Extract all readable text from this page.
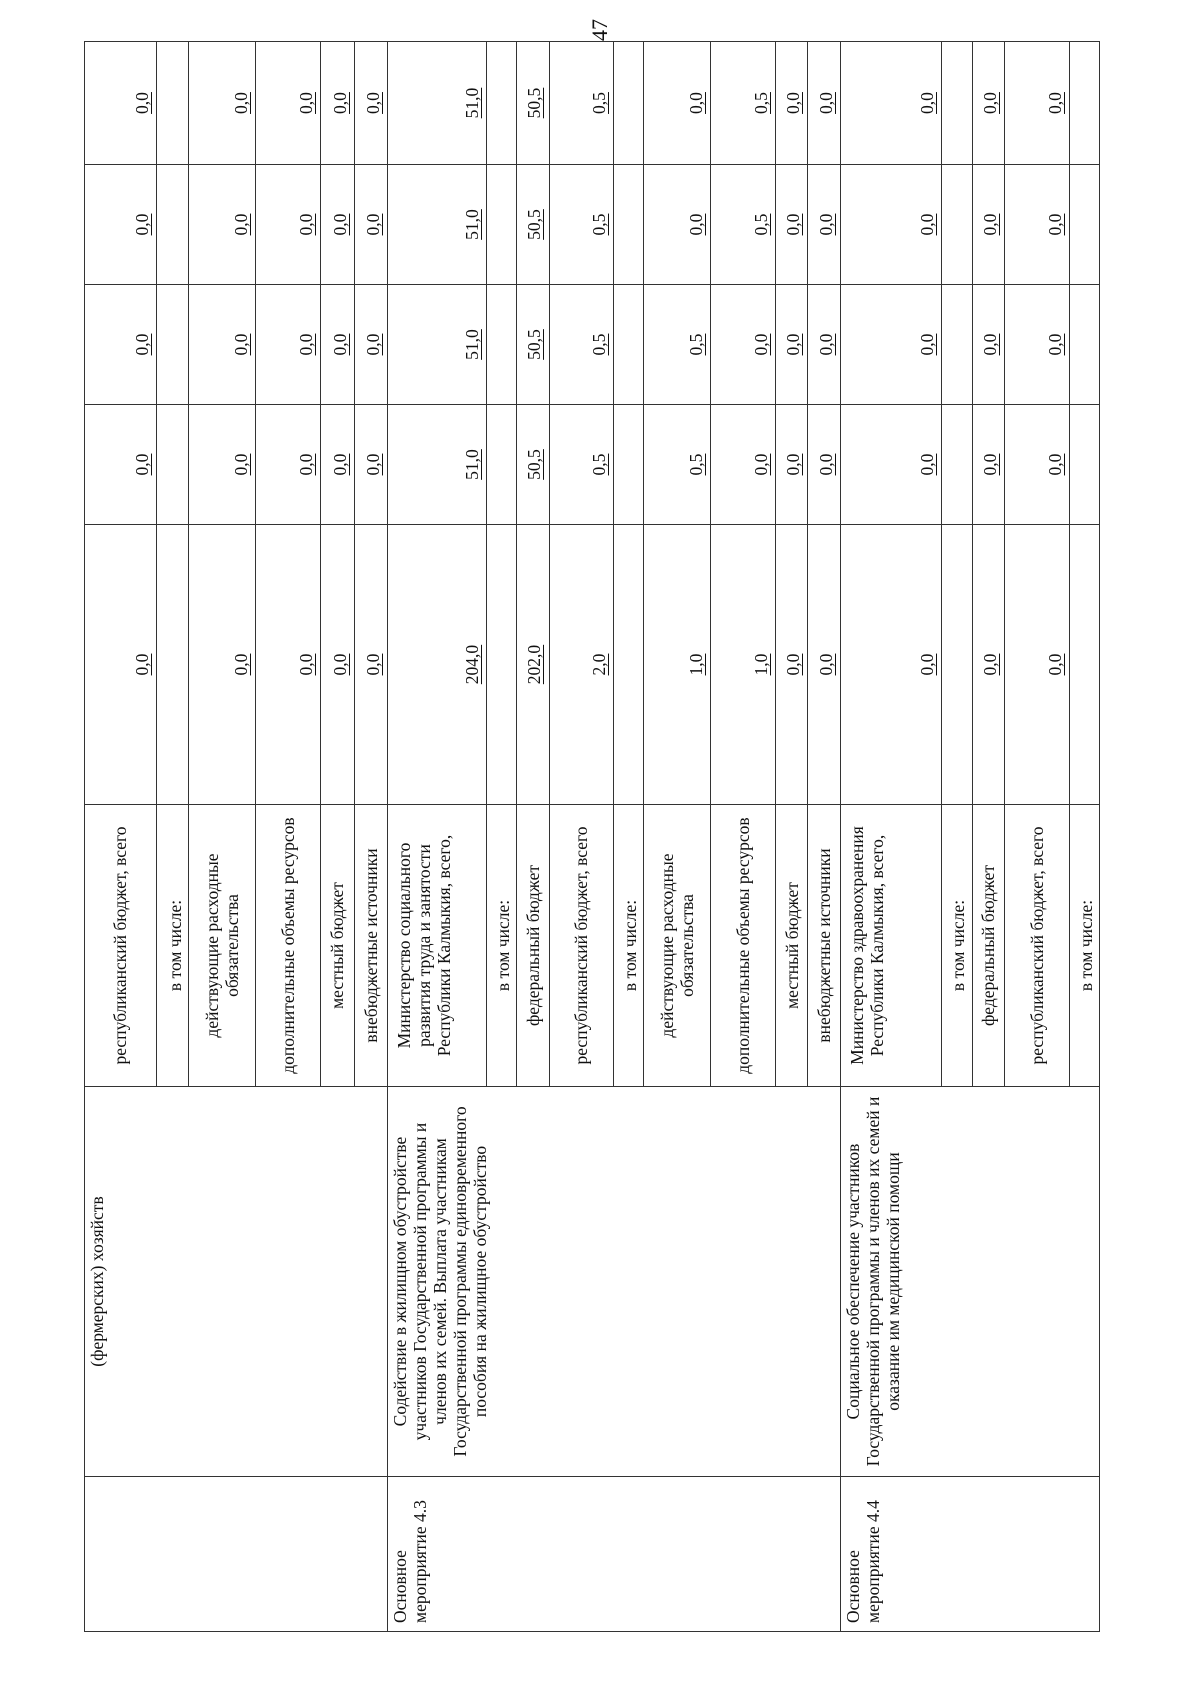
47
	(фермерских) хозяйств	республиканский бюджет, всего	0,0	0,0	0,0	0,0	0,0
		в том числе:					
		действующие расходные обязательства	0,0	0,0	0,0	0,0	0,0
		дополнительные объемы ресурсов	0,0	0,0	0,0	0,0	0,0
		местный бюджет	0,0	0,0	0,0	0,0	0,0
		внебюджетные источники	0,0	0,0	0,0	0,0	0,0
Основное мероприятие 4.3	Содействие в жилищном обустройстве участников Государственной программы и членов их семей. Выплата участникам Государственной программы единовременного пособия на жилищное обустройство	Министерство социального развития труда и занятости Республики Калмыкия, всего,	204,0	51,0	51,0	51,0	51,0
		в том числе:					
		федеральный бюджет	202,0	50,5	50,5	50,5	50,5
		республиканский бюджет, всего	2,0	0,5	0,5	0,5	0,5
		в том числе:					
		действующие расходные обязательства	1,0	0,5	0,5	0,0	0,0
		дополнительные объемы ресурсов	1,0	0,0	0,0	0,5	0,5
		местный бюджет	0,0	0,0	0,0	0,0	0,0
		внебюджетные источники	0,0	0,0	0,0	0,0	0,0
Основное мероприятие 4.4	Социальное обеспечение участников Государственной программы и членов их семей и оказание им медицинской помощи	Министерство здравоохранения Республики Калмыкия, всего,	0,0	0,0	0,0	0,0	0,0
		в том числе:					
		федеральный бюджет	0,0	0,0	0,0	0,0	0,0
		республиканский бюджет, всего	0,0	0,0	0,0	0,0	0,0
		в том числе:					
